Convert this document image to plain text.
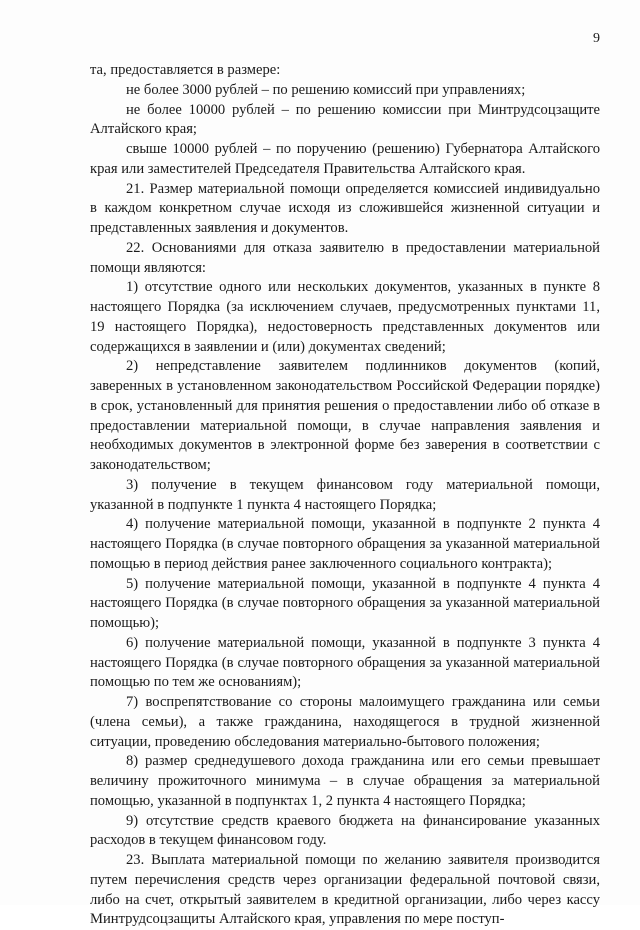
9

та, предоставляется в размере:

не более 3000 рублей – по решению комиссий при управлениях;

не более 10000 рублей – по решению комиссии при Минтрудсоцзащите Алтайского края;

свыше 10000 рублей – по поручению (решению) Губернатора Алтайского края или заместителей Председателя Правительства Алтайского края.

21. Размер материальной помощи определяется комиссией индивидуально в каждом конкретном случае исходя из сложившейся жизненной ситуации и представленных заявления и документов.

22. Основаниями для отказа заявителю в предоставлении материальной помощи являются:

1) отсутствие одного или нескольких документов, указанных в пункте 8 настоящего Порядка (за исключением случаев, предусмотренных пунктами 11, 19 настоящего Порядка), недостоверность представленных документов или содержащихся в заявлении и (или) документах сведений;

2) непредставление заявителем подлинников документов (копий, заверенных в установленном законодательством Российской Федерации порядке) в срок, установленный для принятия решения о предоставлении либо об отказе в предоставлении материальной помощи, в случае направления заявления и необходимых документов в электронной форме без заверения в соответствии с законодательством;

3) получение в текущем финансовом году материальной помощи, указанной в подпункте 1 пункта 4 настоящего Порядка;

4) получение материальной помощи, указанной в подпункте 2 пункта 4 настоящего Порядка (в случае повторного обращения за указанной материальной помощью в период действия ранее заключенного социального контракта);

5) получение материальной помощи, указанной в подпункте 4 пункта 4 настоящего Порядка (в случае повторного обращения за указанной материальной помощью);

6) получение материальной помощи, указанной в подпункте 3 пункта 4 настоящего Порядка (в случае повторного обращения за указанной материальной помощью по тем же основаниям);

7) воспрепятствование со стороны малоимущего гражданина или семьи (члена семьи), а также гражданина, находящегося в трудной жизненной ситуации, проведению обследования материально-бытового положения;

8) размер среднедушевого дохода гражданина или его семьи превышает величину прожиточного минимума – в случае обращения за материальной помощью, указанной в подпунктах 1, 2 пункта 4 настоящего Порядка;

9) отсутствие средств краевого бюджета на финансирование указанных расходов в текущем финансовом году.

23. Выплата материальной помощи по желанию заявителя производится путем перечисления средств через организации федеральной почтовой связи, либо на счет, открытый заявителем в кредитной организации, либо через кассу Минтрудсоцзащиты Алтайского края, управления по мере поступ-
